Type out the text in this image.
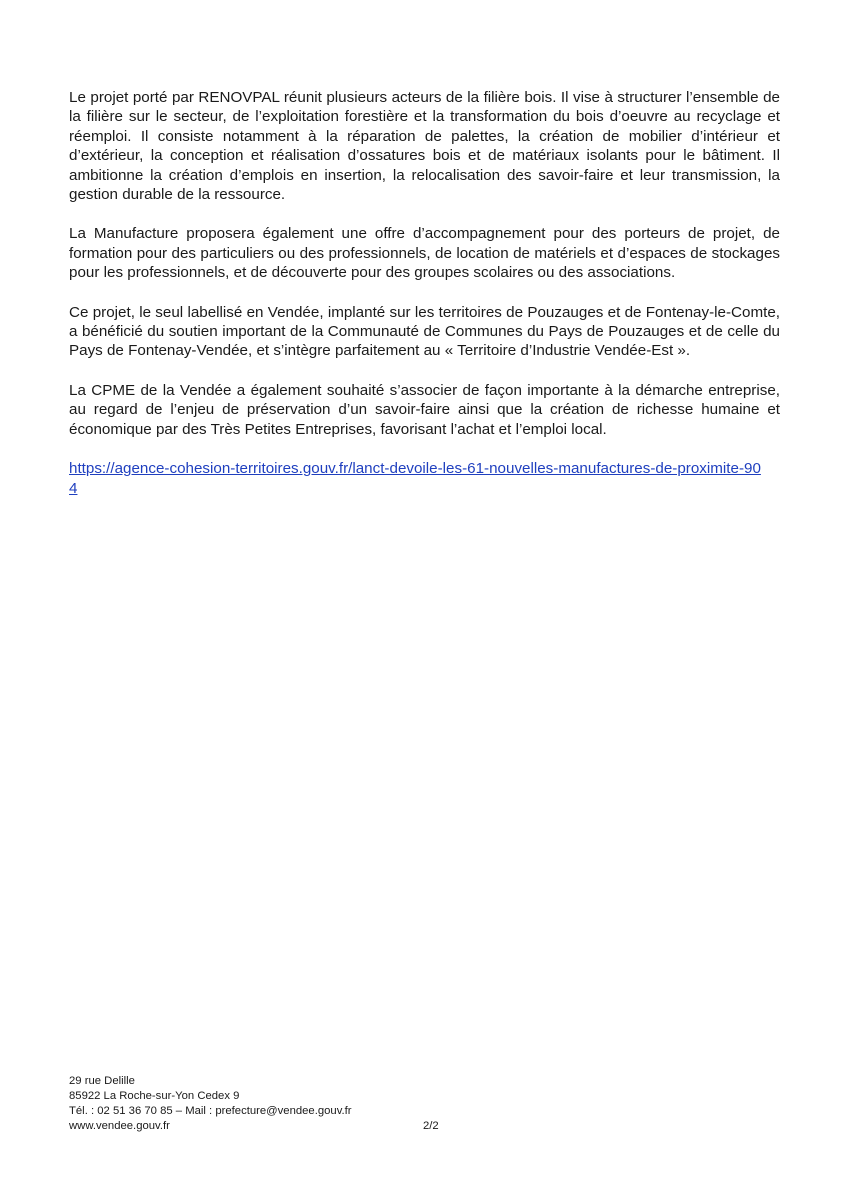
Le projet porté par RENOVPAL réunit plusieurs acteurs de la filière bois. Il vise à structurer l’ensemble de la filière sur le secteur, de l’exploitation forestière et la transformation du bois d’oeuvre au recyclage et réemploi. Il consiste notamment à la réparation de palettes, la création de mobilier d’intérieur et d’extérieur, la conception et réalisation d’ossatures bois et de matériaux isolants pour le bâtiment. Il ambitionne la création d’emplois en insertion, la relocalisation des savoir-faire et leur transmission, la gestion durable de la ressource.

La Manufacture proposera également une offre d’accompagnement pour des porteurs de projet, de formation pour des particuliers ou des professionnels, de location de matériels et d’espaces de stockages pour les professionnels, et de découverte pour des groupes scolaires ou des associations.

Ce projet, le seul labellisé en Vendée, implanté sur les territoires de Pouzauges et de Fontenay-le-Comte, a bénéficié du soutien important de la Communauté de Communes du Pays de Pouzauges et de celle du Pays de Fontenay-Vendée, et s’intègre parfaitement au « Territoire d’Industrie Vendée-Est ».

La CPME de la Vendée a également souhaité s’associer de façon importante à la démarche entreprise, au regard de l’enjeu de préservation d’un savoir-faire ainsi que la création de richesse humaine et économique par des Très Petites Entreprises, favorisant l’achat et l’emploi local.

https://agence-cohesion-territoires.gouv.fr/lanct-devoile-les-61-nouvelles-manufactures-de-proximite-904
29 rue Delille
85922 La Roche-sur-Yon Cedex 9
Tél. : 02 51 36 70 85 – Mail : prefecture@vendee.gouv.fr
www.vendee.gouv.fr	2/2
